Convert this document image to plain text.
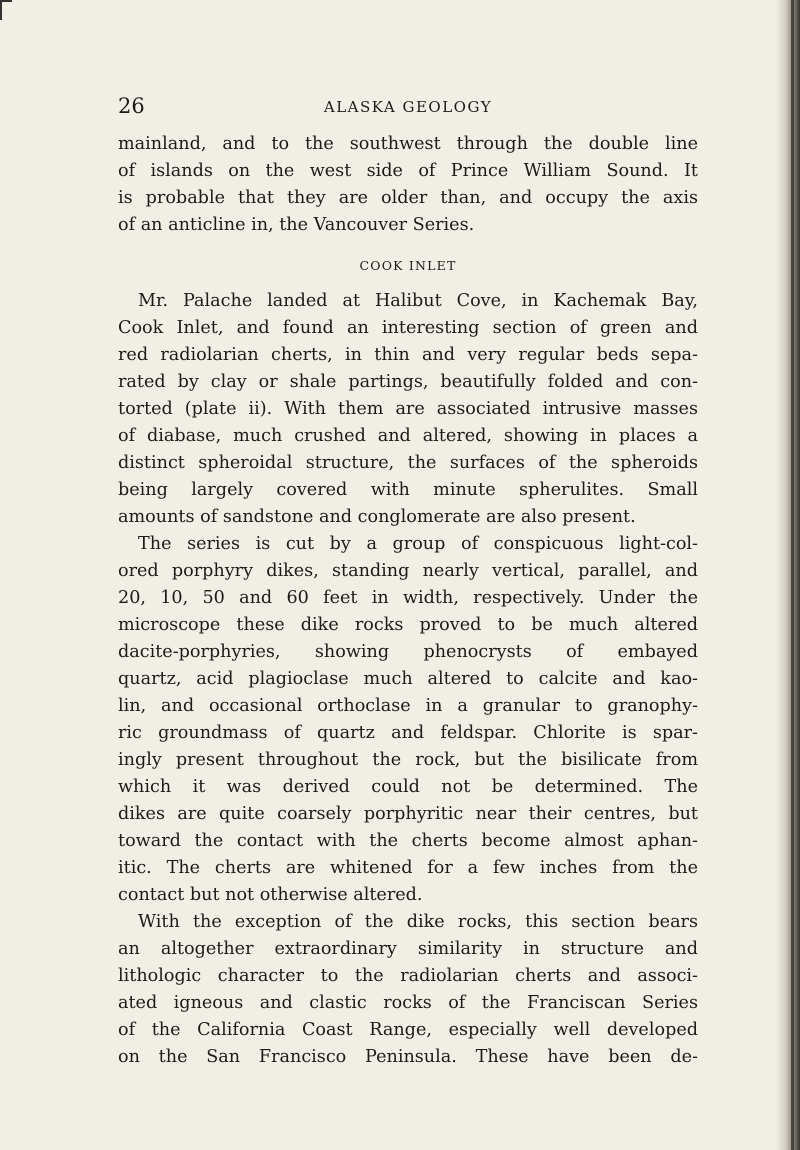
26	ALASKA GEOLOGY
mainland, and to the southwest through the double line
of islands on the west side of Prince William Sound. It
is probable that they are older than, and occupy the axis
of an anticline in, the Vancouver Series.
COOK INLET
Mr. Palache landed at Halibut Cove, in Kachemak Bay,
Cook Inlet, and found an interesting section of green and
red radiolarian cherts, in thin and very regular beds sepa-
rated by clay or shale partings, beautifully folded and con-
torted (plate ii). With them are associated intrusive masses
of diabase, much crushed and altered, showing in places a
distinct spheroidal structure, the surfaces of the spheroids
being largely covered with minute spherulites. Small
amounts of sandstone and conglomerate are also present.
The series is cut by a group of conspicuous light-col-
ored porphyry dikes, standing nearly vertical, parallel, and
20, 10, 50 and 60 feet in width, respectively. Under the
microscope these dike rocks proved to be much altered
dacite-porphyries, showing phenocrysts of embayed
quartz, acid plagioclase much altered to calcite and kao-
lin, and occasional orthoclase in a granular to granophy-
ric groundmass of quartz and feldspar. Chlorite is spar-
ingly present throughout the rock, but the bisilicate from
which it was derived could not be determined. The
dikes are quite coarsely porphyritic near their centres, but
toward the contact with the cherts become almost aphan-
itic. The cherts are whitened for a few inches from the
contact but not otherwise altered.
With the exception of the dike rocks, this section bears
an altogether extraordinary similarity in structure and
lithologic character to the radiolarian cherts and associ-
ated igneous and clastic rocks of the Franciscan Series
of the California Coast Range, especially well developed
on the San Francisco Peninsula. These have been de-
